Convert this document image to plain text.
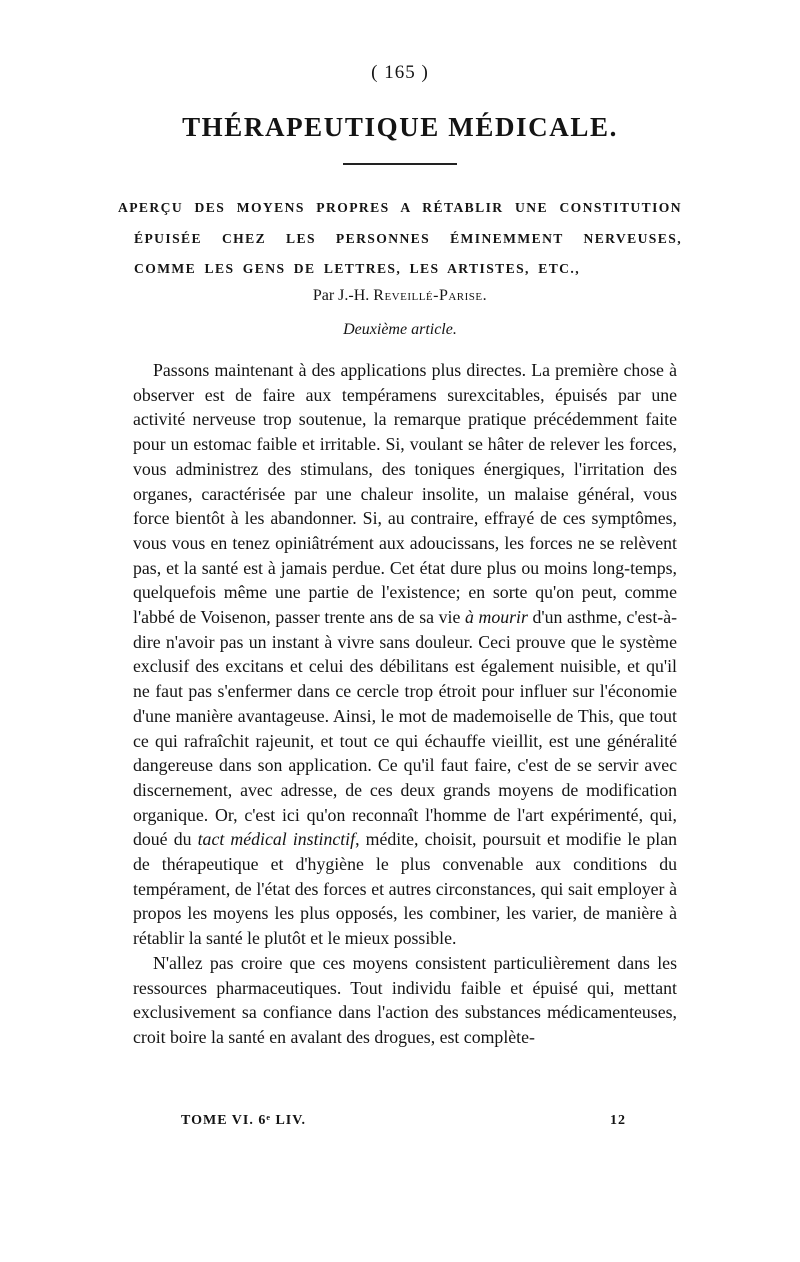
( 165 )
THÉRAPEUTIQUE MÉDICALE.
APERÇU DES MOYENS PROPRES A RÉTABLIR UNE CONSTITUTION
ÉPUISÉE CHEZ LES PERSONNES ÉMINEMMENT NERVEUSES,
COMME LES GENS DE LETTRES, LES ARTISTES, ETC.,
Par J.-H. Reveillé-Parise.
Deuxième article.

Passons maintenant à des applications plus directes. La première chose à observer est de faire aux tempéramens surexcitables, épuisés par une activité nerveuse trop soutenue, la remarque pratique précédemment faite pour un estomac faible et irritable. Si, voulant se hâter de relever les forces, vous administrez des stimulans, des toniques énergiques, l'irritation des organes, caractérisée par une chaleur insolite, un malaise général, vous force bientôt à les abandonner. Si, au contraire, effrayé de ces symptômes, vous vous en tenez opiniâtrément aux adoucissans, les forces ne se relèvent pas, et la santé est à jamais perdue. Cet état dure plus ou moins long-temps, quelquefois même une partie de l'existence; en sorte qu'on peut, comme l'abbé de Voisenon, passer trente ans de sa vie à mourir d'un asthme, c'est-à-dire n'avoir pas un instant à vivre sans douleur. Ceci prouve que le système exclusif des excitans et celui des débilitans est également nuisible, et qu'il ne faut pas s'enfermer dans ce cercle trop étroit pour influer sur l'économie d'une manière avantageuse. Ainsi, le mot de mademoiselle de This, que tout ce qui rafraîchit rajeunit, et tout ce qui échauffe vieillit, est une généralité dangereuse dans son application. Ce qu'il faut faire, c'est de se servir avec discernement, avec adresse, de ces deux grands moyens de modification organique. Or, c'est ici qu'on reconnaît l'homme de l'art expérimenté, qui, doué du tact médical instinctif, médite, choisit, poursuit et modifie le plan de thérapeutique et d'hygiène le plus convenable aux conditions du tempérament, de l'état des forces et autres circonstances, qui sait employer à propos les moyens les plus opposés, les combiner, les varier, de manière à rétablir la santé le plutôt et le mieux possible.

N'allez pas croire que ces moyens consistent particulièrement dans les ressources pharmaceutiques. Tout individu faible et épuisé qui, mettant exclusivement sa confiance dans l'action des substances médicamenteuses, croit boire la santé en avalant des drogues, est complète-

TOME VI. 6ᵉ LIV.	12
